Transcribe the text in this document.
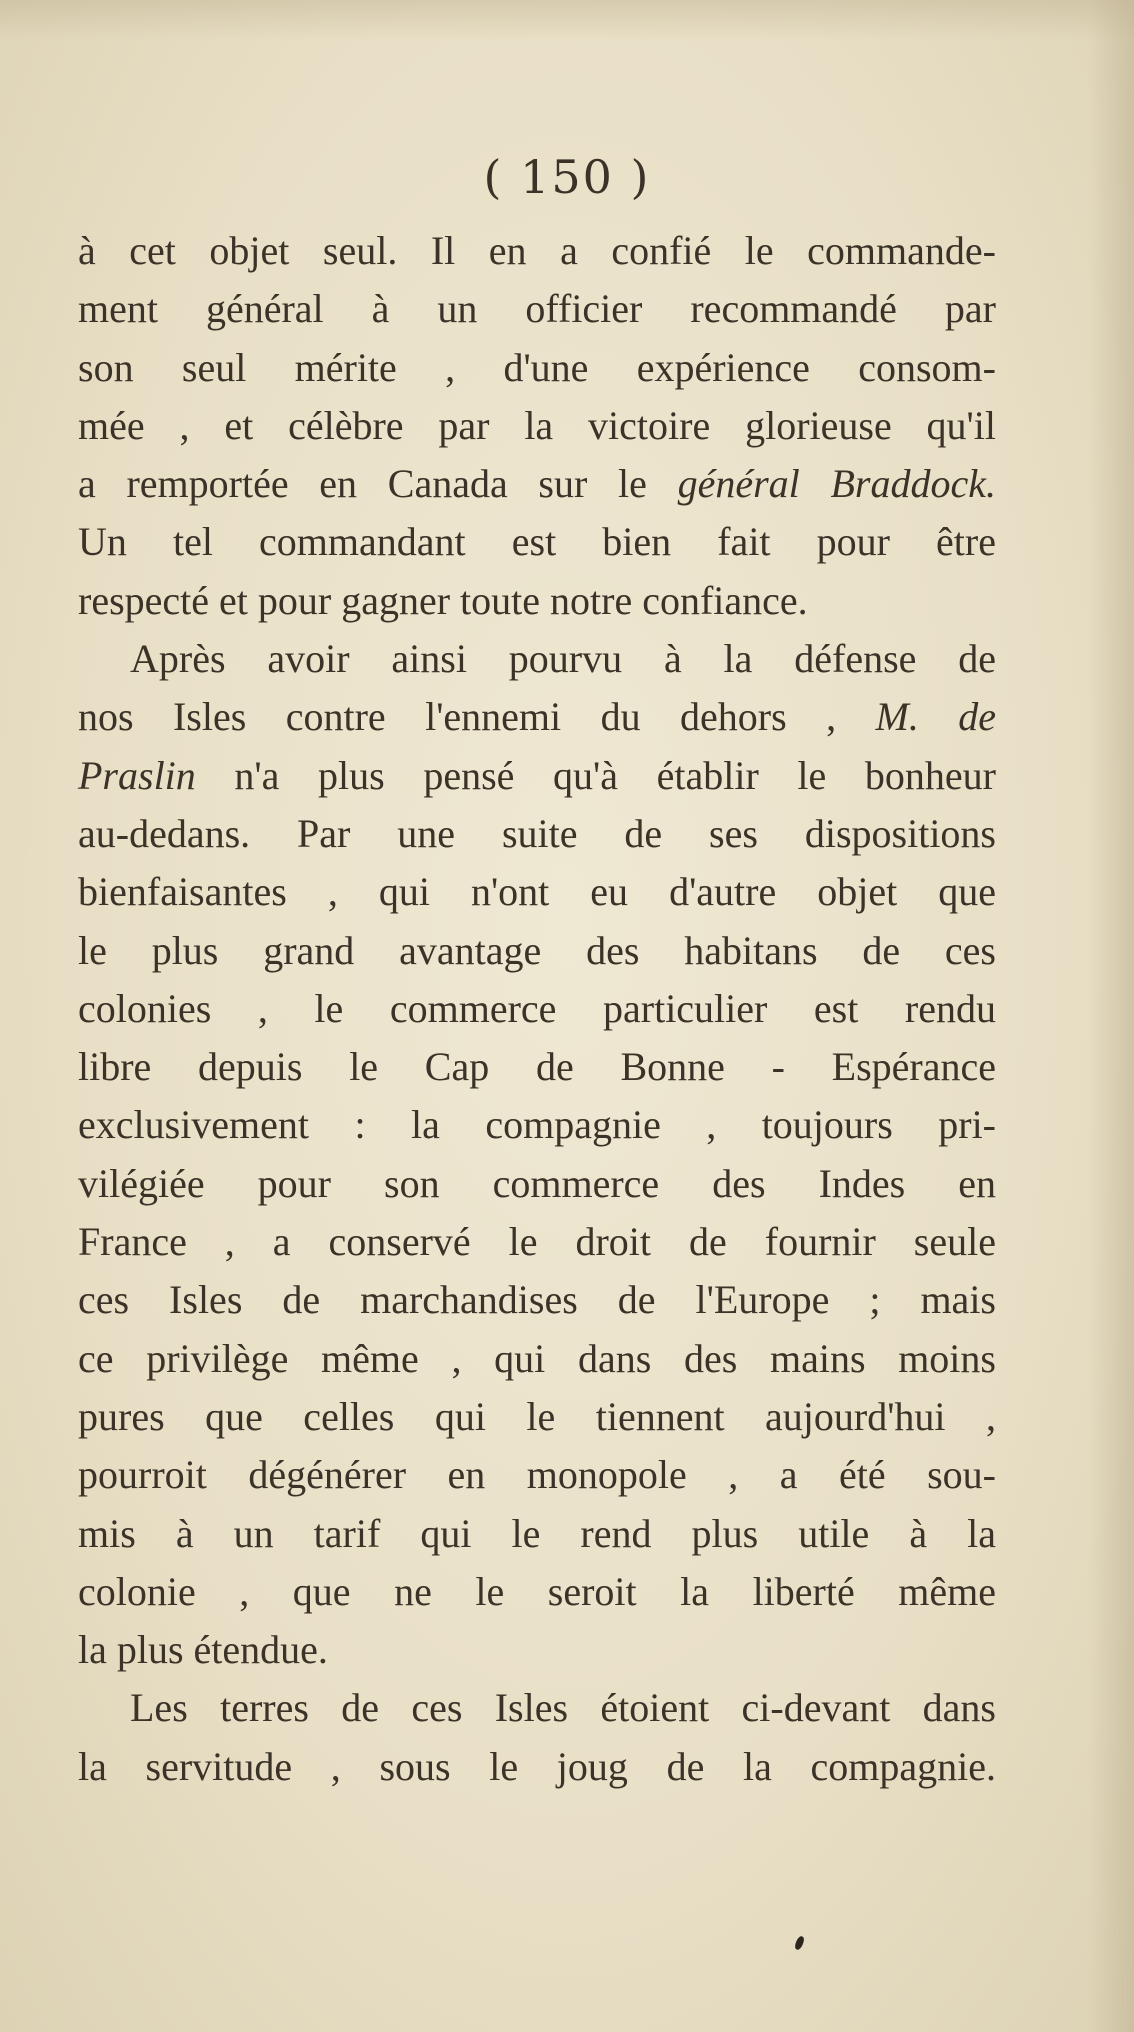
( 150 )
à cet objet seul. Il en a confié le commande-
ment général à un officier recommandé par
son seul mérite , d'une expérience consom-
mée , et célèbre par la victoire glorieuse qu'il
a remportée en Canada sur le général Braddock.
Un tel commandant est bien fait pour être
respecté et pour gagner toute notre confiance.
Après avoir ainsi pourvu à la défense de
nos Isles contre l'ennemi du dehors , M. de
Praslin n'a plus pensé qu'à établir le bonheur
au-dedans. Par une suite de ses dispositions
bienfaisantes , qui n'ont eu d'autre objet que
le plus grand avantage des habitans de ces
colonies , le commerce particulier est rendu
libre depuis le Cap de Bonne - Espérance
exclusivement : la compagnie , toujours pri-
vilégiée pour son commerce des Indes en
France , a conservé le droit de fournir seule
ces Isles de marchandises de l'Europe ; mais
ce privilège même , qui dans des mains moins
pures que celles qui le tiennent aujourd'hui ,
pourroit dégénérer en monopole , a été sou-
mis à un tarif qui le rend plus utile à la
colonie , que ne le seroit la liberté même
la plus étendue.
Les terres de ces Isles étoient ci-devant dans
la servitude , sous le joug de la compagnie.
